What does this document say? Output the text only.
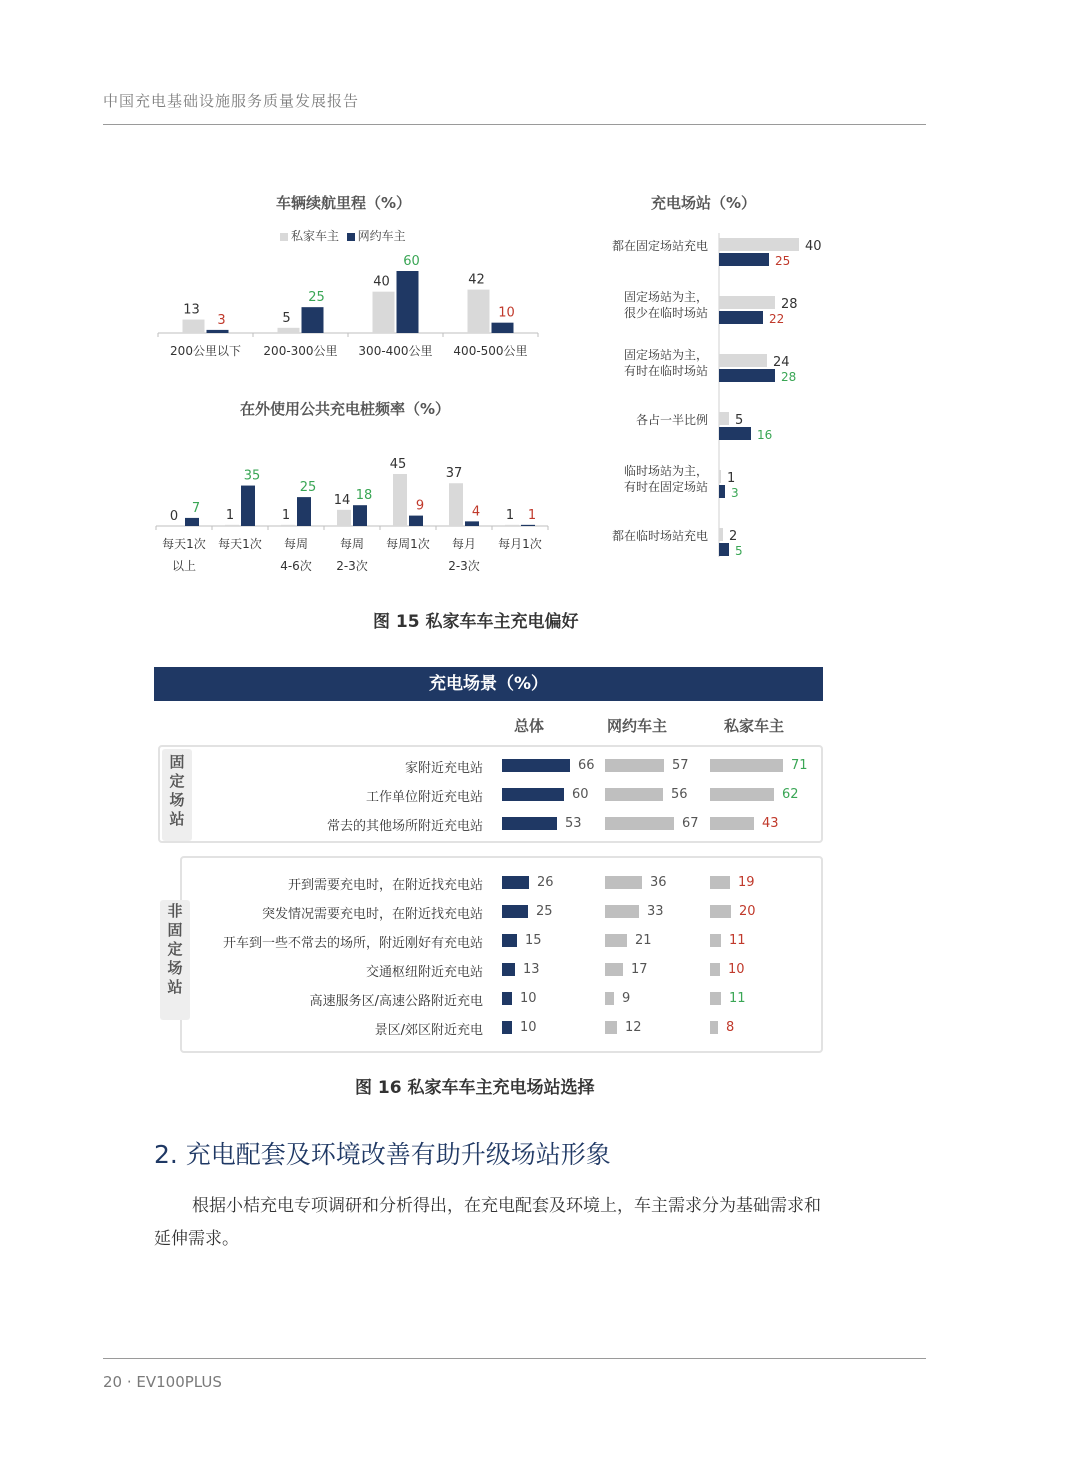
中国充电基础设施服务质量发展报告
车辆续航里程（%）
私家车主 网约车主
13
3
200公里以下
5
25
200-300公里
40
60
300-400公里
42
10
400-500公里
在外使用公共充电桩频率（%）
0
7
每天1次
以上
1
35
每天1次
1
25
每周
4-6次
14 18
每周
2-3次
45
9
每周1次
37
4
每月
2-3次
1 1
每月1次
充电场站（%）
40
25
都在固定场站充电
28
22
固定场站为主，
很少在临时场站
24
28
固定场站为主，
有时在临时场站
5
16
各占一半比例
1
3
临时场站为主，
有时在固定场站
2
5
都在临时场站充电
图 15 私家车车主充电偏好
充电场景（%）
总体	网约车主	私家车主
固
定
场
站
非
固
定
场
站
家附近充电站	66	57	71
工作单位附近充电站	60	56	62
常去的其他场所附近充电站	53	67	43
开到需要充电时，在附近找充电站	26	36	19
突发情况需要充电时，在附近找充电站	25	33	20
开车到一些不常去的场所，附近刚好有充电站	15	21	11
交通枢纽附近充电站	13	17	10
高速服务区/高速公路附近充电	10	9	11
景区/郊区附近充电	10	12	8
图 16 私家车车主充电场站选择
2. 充电配套及环境改善有助升级场站形象
根据小桔充电专项调研和分析得出，在充电配套及环境上，车主需求分为基础需求和延伸需求。
20 · EV100PLUS
